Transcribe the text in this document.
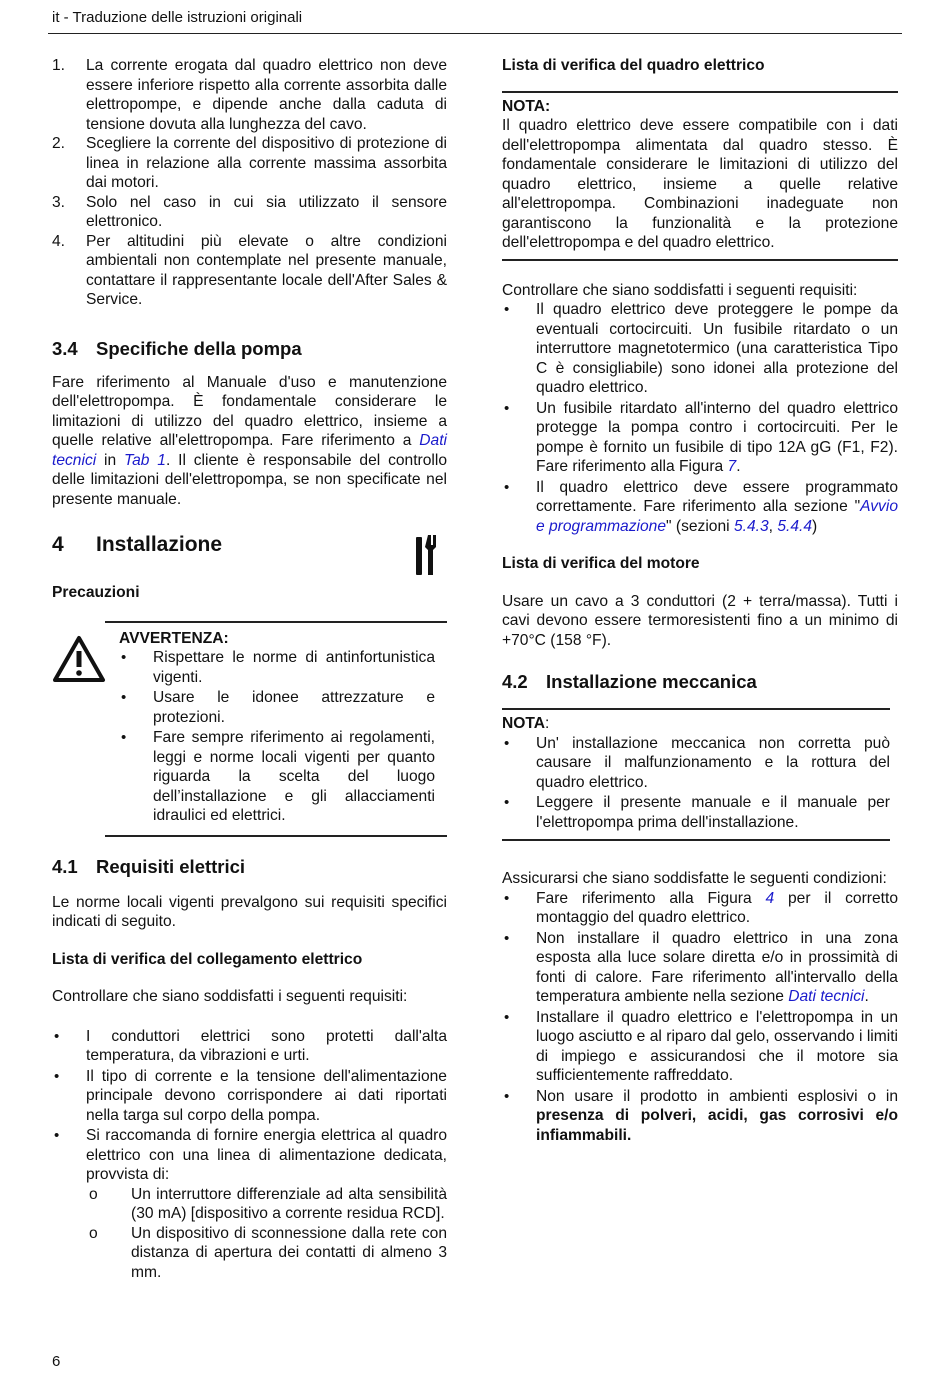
it - Traduzione delle istruzioni originali
1. La corrente erogata dal quadro elettrico non deve essere inferiore rispetto alla corrente assorbita dalle elettropompe, e dipende anche dalla caduta di tensione dovuta alla lunghezza del cavo.
2. Scegliere la corrente del dispositivo di protezione di linea in relazione alla corrente massima assorbita dai motori.
3. Solo nel caso in cui sia utilizzato il sensore elettronico.
4. Per altitudini più elevate o altre condizioni ambientali non contemplate nel presente manuale, contattare il rappresentante locale dell'After Sales & Service.
3.4 Specifiche della pompa

Fare riferimento al Manuale d'uso e manutenzione dell'elettropompa. È fondamentale considerare le limitazioni di utilizzo del quadro elettrico, insieme a quelle relative all'elettropompa. Fare riferimento a Dati tecnici in Tab 1. Il cliente è responsabile del controllo delle limitazioni dell'elettropompa, se non specificate nel presente manuale.

4 Installazione
Precauzioni
AVVERTENZA:
• Rispettare le norme di antinfortunistica vigenti.
• Usare le idonee attrezzature e protezioni.
• Fare sempre riferimento ai regolamenti, leggi e norme locali vigenti per quanto riguarda la scelta del luogo dell’installazione e gli allacciamenti idraulici ed elettrici.
4.1 Requisiti elettrici

Le norme locali vigenti prevalgono sui requisiti specifici indicati di seguito.

Lista di verifica del collegamento elettrico

Controllare che siano soddisfatti i seguenti requisiti:

• I conduttori elettrici sono protetti dall'alta temperatura, da vibrazioni e urti.
• Il tipo di corrente e la tensione dell'alimentazione principale devono corrispondere ai dati riportati nella targa sul corpo della pompa.
• Si raccomanda di fornire energia elettrica al quadro elettrico con una linea di alimentazione dedicata, provvista di:
o Un interruttore differenziale ad alta sensibilità (30 mA) [dispositivo a corrente residua RCD].
o Un dispositivo di sconnessione dalla rete con distanza di apertura dei contatti di almeno 3 mm.
Lista di verifica del quadro elettrico
NOTA:

Il quadro elettrico deve essere compatibile con i dati dell'elettropompa alimentata dal quadro stesso. È fondamentale considerare le limitazioni di utilizzo del quadro elettrico, insieme a quelle relative all'elettropompa. Combinazioni inadeguate non garantiscono la funzionalità e la protezione dell'elettropompa e del quadro elettrico.

Controllare che siano soddisfatti i seguenti requisiti:

• Il quadro elettrico deve proteggere le pompe da eventuali cortocircuiti. Un fusibile ritardato o un interruttore magnetotermico (una caratteristica Tipo C è consigliabile) sono idonei alla protezione del quadro elettrico.
• Un fusibile ritardato all'interno del quadro elettrico protegge la pompa contro i cortocircuiti. Per le pompe è fornito un fusibile di tipo 12A gG (F1, F2). Fare riferimento alla Figura 7.
• Il quadro elettrico deve essere programmato correttamente. Fare riferimento alla sezione "Avvio e programmazione" (sezioni 5.4.3, 5.4.4)
Lista di verifica del motore

Usare un cavo a 3 conduttori (2 + terra/massa). Tutti i cavi devono essere termoresistenti fino a un minimo di +70°C (158 °F).

4.2 Installazione meccanica
NOTA:
• Un' installazione meccanica non corretta può causare il malfunzionamento e la rottura del quadro elettrico.
• Leggere il presente manuale e il manuale per l'elettropompa prima dell'installazione.

Assicurarsi che siano soddisfatte le seguenti condizioni:

• Fare riferimento alla Figura 4 per il corretto montaggio del quadro elettrico.
• Non installare il quadro elettrico in una zona esposta alla luce solare diretta e/o in prossimità di fonti di calore. Fare riferimento all'intervallo della temperatura ambiente nella sezione Dati tecnici.
• Installare il quadro elettrico e l'elettropompa in un luogo asciutto e al riparo dal gelo, osservando i limiti di impiego e assicurandosi che il motore sia sufficientemente raffreddato.
• Non usare il prodotto in ambienti esplosivi o in presenza di polveri, acidi, gas corrosivi e/o infiammabili.
6
